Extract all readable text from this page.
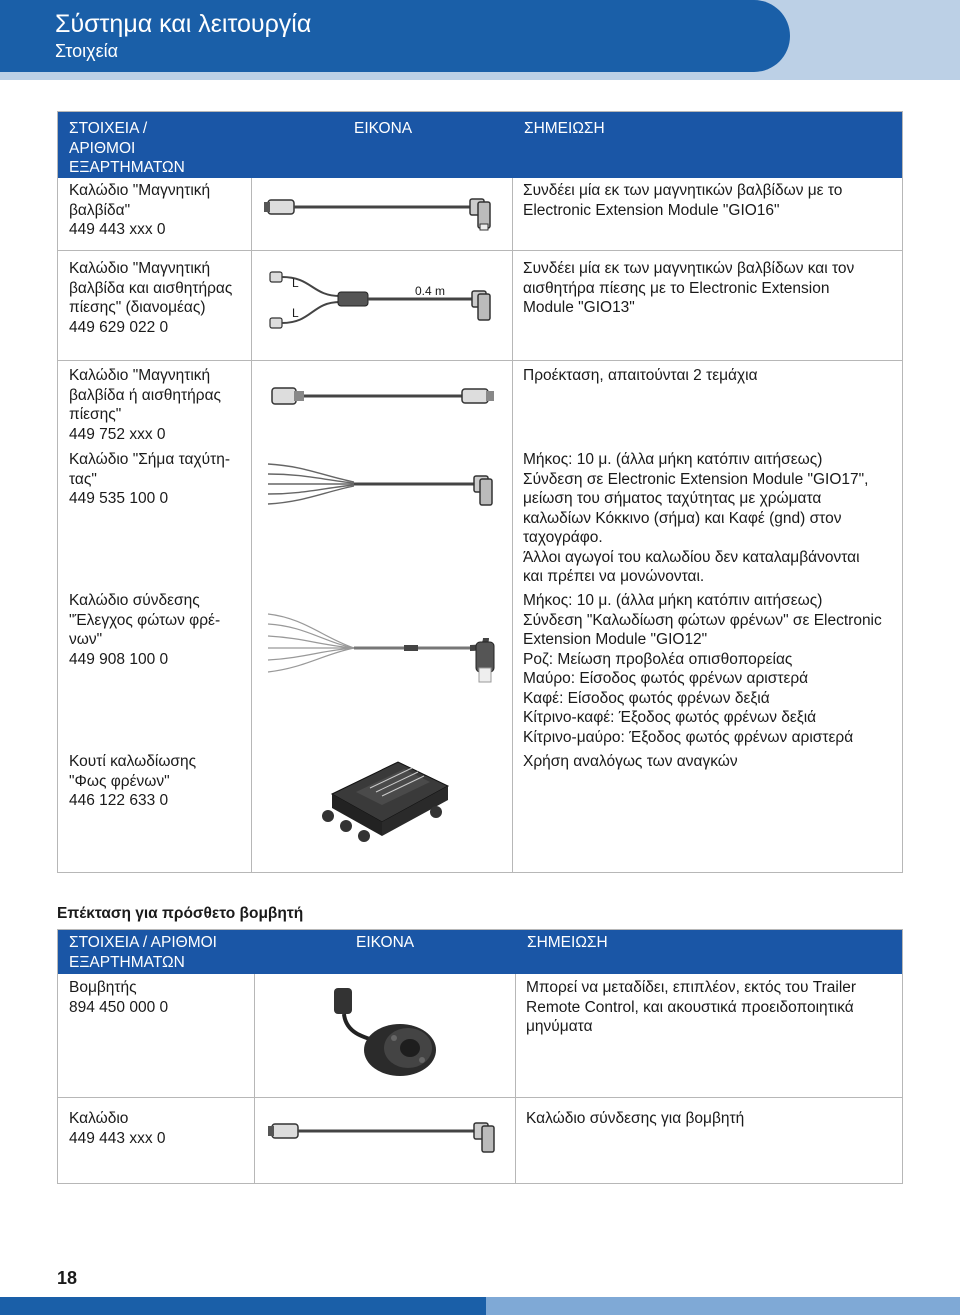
Σύστημα και λειτουργία
Στοιχεία
ΣΤΟΙΧΕΙΑ /
ΑΡΙΘΜΟΙ
ΕΞΑΡΤΗΜΑΤΩΝ
ΕΙΚΟΝΑ	ΣΗΜΕΙΩΣΗ
Καλώδιο "Μαγνητική
βαλβίδα"
449 443 xxx 0
Συνδέει μία εκ των μαγνητικών βαλβίδων με το
Electronic Extension Module "GIO16"
Καλώδιο "Μαγνητική
βαλβίδα και αισθητήρας
πίεσης" (διανομέας)
449 629 022 0
L
L
0.4 m
Συνδέει μία εκ των μαγνητικών βαλβίδων και τον
αισθητήρα πίεσης με το Electronic Extension
Module "GIO13"
Καλώδιο "Μαγνητική
βαλβίδα ή αισθητήρας
πίεσης"
449 752 xxx 0
Προέκταση, απαιτούνται 2 τεμάχια
Καλώδιο "Σήμα ταχύτη-
τας"
449 535 100 0
Μήκος: 10 μ. (άλλα μήκη κατόπιν αιτήσεως)
Σύνδεση σε Electronic Extension Module "GIO17",
μείωση του σήματος ταχύτητας με χρώματα
καλωδίων Κόκκινο (σήμα) και Καφέ (gnd) στον
ταχογράφο.
Άλλοι αγωγοί του καλωδίου δεν καταλαμβάνονται
και πρέπει να μονώνονται.
Καλώδιο σύνδεσης
"Έλεγχος φώτων φρέ-
νων"
449 908 100 0
Μήκος: 10 μ. (άλλα μήκη κατόπιν αιτήσεως)
Σύνδεση "Καλωδίωση φώτων φρένων" σε Electronic
Extension Module "GIO12"
Ροζ: Μείωση προβολέα οπισθοπορείας
Μαύρο: Είσοδος φωτός φρένων αριστερά
Καφέ: Είσοδος φωτός φρένων δεξιά
Κίτρινο-καφέ: Έξοδος φωτός φρένων δεξιά
Κίτρινο-μαύρο: Έξοδος φωτός φρένων αριστερά
Κουτί καλωδίωσης
"Φως φρένων"
446 122 633 0
Χρήση αναλόγως των αναγκών
Επέκταση για πρόσθετο βομβητή
ΣΤΟΙΧΕΙΑ / ΑΡΙΘΜΟΙ
ΕΞΑΡΤΗΜΑΤΩΝ
ΕΙΚΟΝΑ	ΣΗΜΕΙΩΣΗ
Βομβητής
894 450 000 0
Μπορεί να μεταδίδει, επιπλέον, εκτός του Trailer
Remote Control, και ακουστικά προειδοποιητικά
μηνύματα
Καλώδιο
449 443 xxx 0
Καλώδιο σύνδεσης για βομβητή
18
